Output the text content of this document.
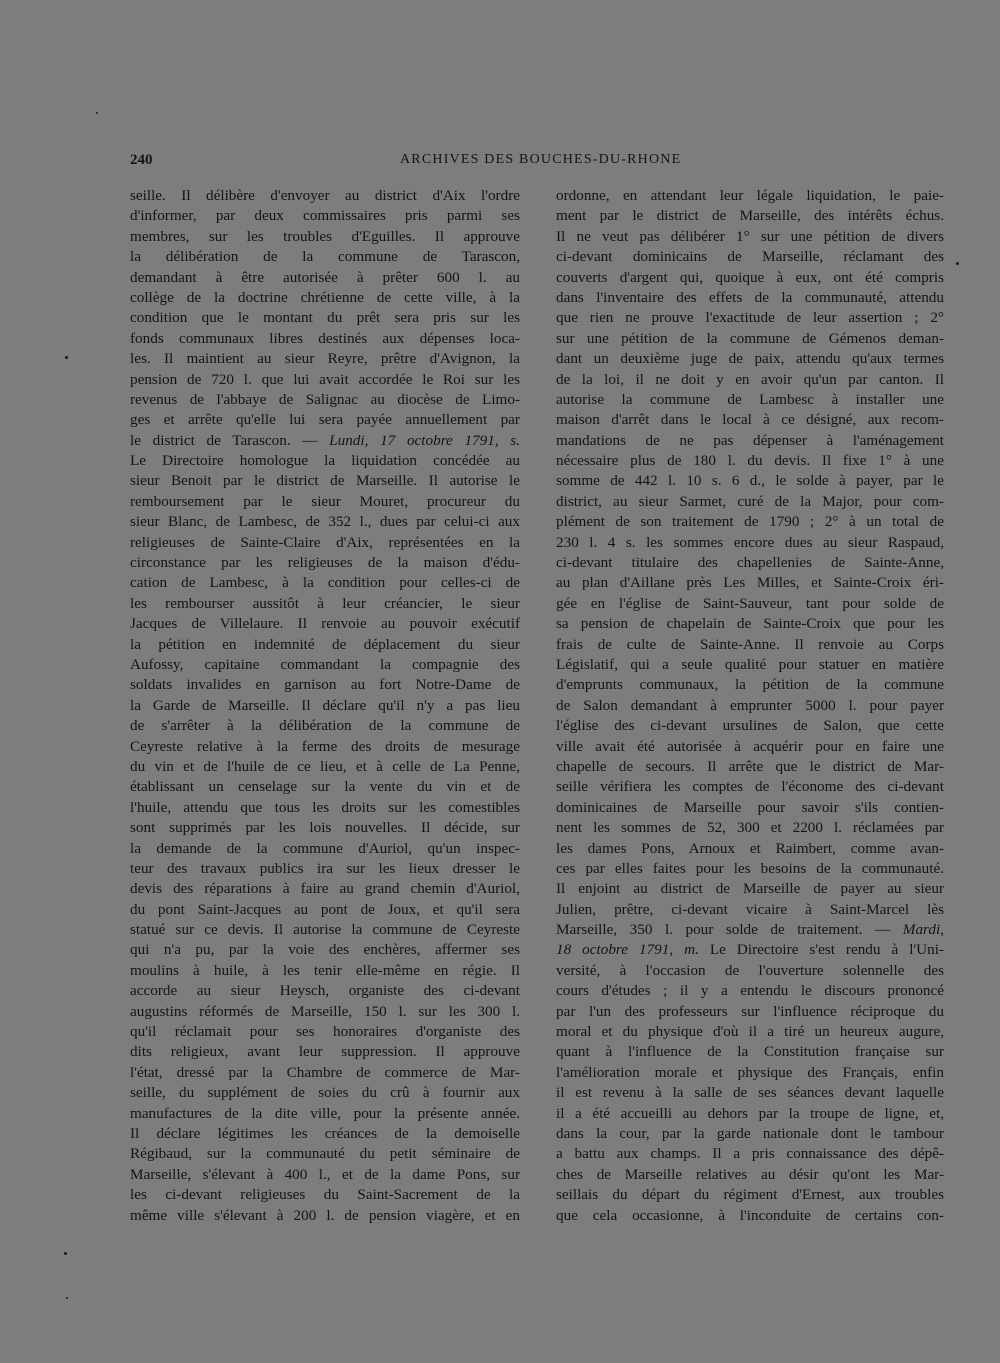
240	ARCHIVES DES BOUCHES-DU-RHONE
seille. Il délibère d'envoyer au district d'Aix l'ordre
d'informer, par deux commissaires pris parmi ses
membres, sur les troubles d'Eguilles. Il approuve
la délibération de la commune de Tarascon,
demandant à être autorisée à prêter 600 l. au
collège de la doctrine chrétienne de cette ville, à la
condition que le montant du prêt sera pris sur les
fonds communaux libres destinés aux dépenses loca-
les. Il maintient au sieur Reyre, prêtre d'Avignon, la
pension de 720 l. que lui avait accordée le Roi sur les
revenus de l'abbaye de Salignac au diocèse de Limo-
ges et arrête qu'elle lui sera payée annuellement par
le district de Tarascon. — Lundi, 17 octobre 1791, s.
Le Directoire homologue la liquidation concédée au
sieur Benoit par le district de Marseille. Il autorise le
remboursement par le sieur Mouret, procureur du
sieur Blanc, de Lambesc, de 352 l., dues par celui-ci aux
religieuses de Sainte-Claire d'Aix, représentées en la
circonstance par les religieuses de la maison d'édu-
cation de Lambesc, à la condition pour celles-ci de
les rembourser aussitôt à leur créancier, le sieur
Jacques de Villelaure. Il renvoie au pouvoir exécutif
la pétition en indemnité de déplacement du sieur
Aufossy, capitaine commandant la compagnie des
soldats invalides en garnison au fort Notre-Dame de
la Garde de Marseille. Il déclare qu'il n'y a pas lieu
de s'arrêter à la délibération de la commune de
Ceyreste relative à la ferme des droits de mesurage
du vin et de l'huile de ce lieu, et à celle de La Penne,
établissant un censelage sur la vente du vin et de
l'huile, attendu que tous les droits sur les comestibles
sont supprimés par les lois nouvelles. Il décide, sur
la demande de la commune d'Auriol, qu'un inspec-
teur des travaux publics ira sur les lieux dresser le
devis des réparations à faire au grand chemin d'Auriol,
du pont Saint-Jacques au pont de Joux, et qu'il sera
statué sur ce devis. Il autorise la commune de Ceyreste
qui n'a pu, par la voie des enchères, affermer ses
moulins à huile, à les tenir elle-même en régie. Il
accorde au sieur Heysch, organiste des ci-devant
augustins réformés de Marseille, 150 l. sur les 300 l.
qu'il réclamait pour ses honoraires d'organiste des
dits religieux, avant leur suppression. Il approuve
l'état, dressé par la Chambre de commerce de Mar-
seille, du supplément de soies du crû à fournir aux
manufactures de la dite ville, pour la présente année.
Il déclare légitimes les créances de la demoiselle
Régibaud, sur la communauté du petit séminaire de
Marseille, s'élevant à 400 l., et de la dame Pons, sur
les ci-devant religieuses du Saint-Sacrement de la
même ville s'élevant à 200 l. de pension viagère, et en
ordonne, en attendant leur légale liquidation, le paie-
ment par le district de Marseille, des intérêts échus.
Il ne veut pas délibérer 1° sur une pétition de divers
ci-devant dominicains de Marseille, réclamant des
couverts d'argent qui, quoique à eux, ont été compris
dans l'inventaire des effets de la communauté, attendu
que rien ne prouve l'exactitude de leur assertion ; 2°
sur une pétition de la commune de Gémenos deman-
dant un deuxième juge de paix, attendu qu'aux termes
de la loi, il ne doit y en avoir qu'un par canton. Il
autorise la commune de Lambesc à installer une
maison d'arrêt dans le local à ce désigné, aux recom-
mandations de ne pas dépenser à l'aménagement
nécessaire plus de 180 l. du devis. Il fixe 1° à une
somme de 442 l. 10 s. 6 d., le solde à payer, par le
district, au sieur Sarmet, curé de la Major, pour com-
plément de son traitement de 1790 ; 2° à un total de
230 l. 4 s. les sommes encore dues au sieur Raspaud,
ci-devant titulaire des chapellenies de Sainte-Anne,
au plan d'Aillane près Les Milles, et Sainte-Croix éri-
gée en l'église de Saint-Sauveur, tant pour solde de
sa pension de chapelain de Sainte-Croix que pour les
frais de culte de Sainte-Anne. Il renvoie au Corps
Législatif, qui a seule qualité pour statuer en matière
d'emprunts communaux, la pétition de la commune
de Salon demandant à emprunter 5000 l. pour payer
l'église des ci-devant ursulines de Salon, que cette
ville avait été autorisée à acquérir pour en faire une
chapelle de secours. Il arrête que le district de Mar-
seille vérifiera les comptes de l'économe des ci-devant
dominicaines de Marseille pour savoir s'ils contien-
nent les sommes de 52, 300 et 2200 l. réclamées par
les dames Pons, Arnoux et Raimbert, comme avan-
ces par elles faites pour les besoins de la communauté.
Il enjoint au district de Marseille de payer au sieur
Julien, prêtre, ci-devant vicaire à Saint-Marcel lès
Marseille, 350 l. pour solde de traitement. — Mardi,
18 octobre 1791, m. Le Directoire s'est rendu à l'Uni-
versité, à l'occasion de l'ouverture solennelle des
cours d'études ; il y a entendu le discours prononcé
par l'un des professeurs sur l'influence réciproque du
moral et du physique d'où il a tiré un heureux augure,
quant à l'influence de la Constitution française sur
l'amélioration morale et physique des Français, enfin
il est revenu à la salle de ses séances devant laquelle
il a été accueilli au dehors par la troupe de ligne, et,
dans la cour, par la garde nationale dont le tambour
a battu aux champs. Il a pris connaissance des dépê-
ches de Marseille relatives au désir qu'ont les Mar-
seillais du départ du régiment d'Ernest, aux troubles
que cela occasionne, à l'inconduite de certains con-
